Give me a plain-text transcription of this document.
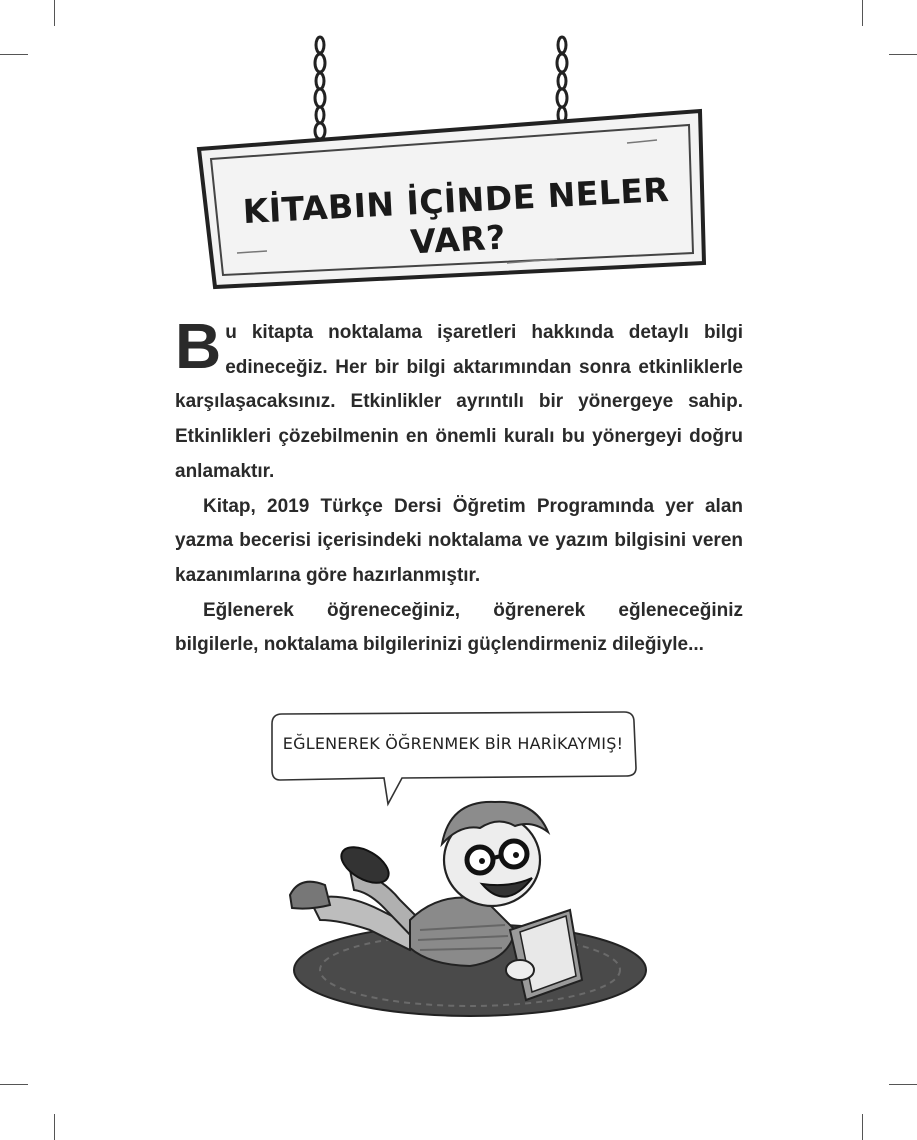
KİTABIN İÇİNDE NELER VAR?

Bu kitapta noktalama işaretleri hakkında detaylı bilgi edineceğiz. Her bir bilgi aktarımından sonra etkinliklerle karşılaşacaksınız. Etkinlikler ayrıntılı bir yönergeye sahip. Etkinlikleri çözebilmenin en önemli kuralı bu yönergeyi doğru anlamaktır.

Kitap, 2019 Türkçe Dersi Öğretim Programında yer alan yazma becerisi içerisindeki noktalama ve yazım bilgisini veren kazanımlarına göre hazırlanmıştır.

Eğlenerek öğreneceğiniz, öğrenerek eğleneceğiniz bilgilerle, noktalama bilgilerinizi güçlendirmeniz dileğiyle...

EĞLENEREK ÖĞRENMEK BİR HARİKAYMIŞ!
